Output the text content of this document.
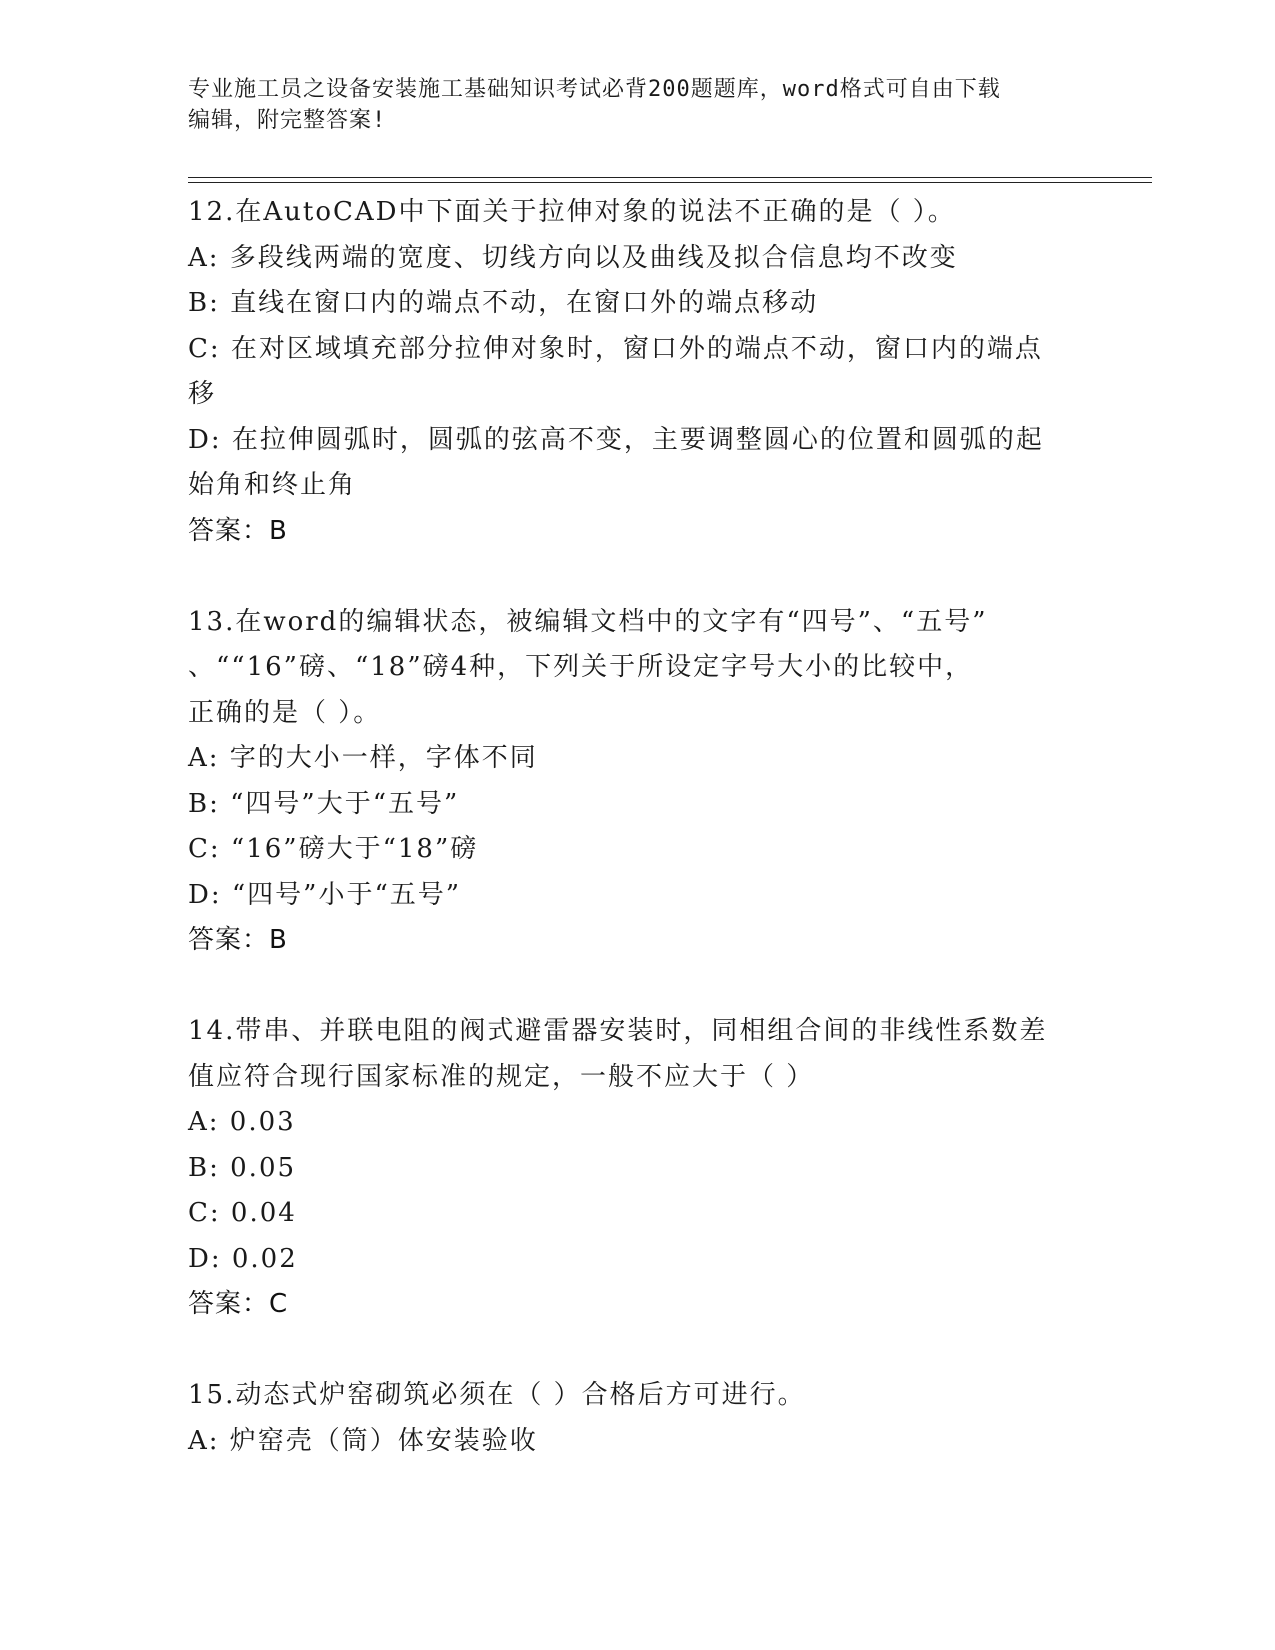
专业施工员之设备安装施工基础知识考试必背200题题库，word格式可自由下载
编辑，附完整答案!

12.在AutoCAD中下面关于拉伸对象的说法不正确的是（ ）。

A: 多段线两端的宽度、切线方向以及曲线及拟合信息均不改变

B: 直线在窗口内的端点不动，在窗口外的端点移动

C: 在对区域填充部分拉伸对象时，窗口外的端点不动，窗口内的端点

移

D: 在拉伸圆弧时，圆弧的弦高不变，主要调整圆心的位置和圆弧的起

始角和终止角

答案：B

13.在word的编辑状态，被编辑文档中的文字有“四号”、“五号”

、““16”磅、“18”磅4种，下列关于所设定字号大小的比较中，

正确的是（ ）。

A: 字的大小一样，字体不同

B: “四号”大于“五号”

C: “16”磅大于“18”磅

D: “四号”小于“五号”

答案：B

14.带串、并联电阻的阀式避雷器安装时，同相组合间的非线性系数差

值应符合现行国家标准的规定，一般不应大于（ ）

A: 0.03

B: 0.05

C: 0.04

D: 0.02

答案：C

15.动态式炉窑砌筑必须在（ ）合格后方可进行。

A: 炉窑壳（筒）体安装验收
